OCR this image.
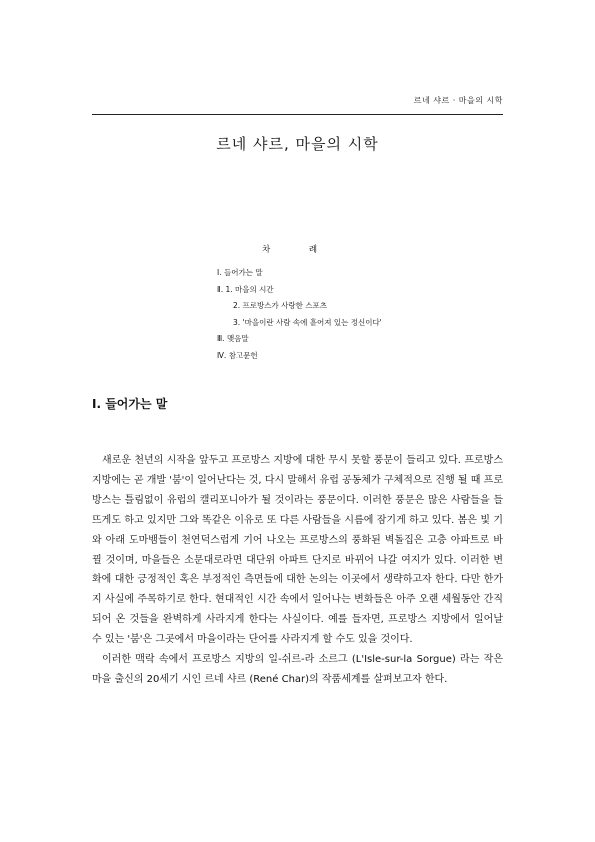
르네 샤르 · 마을의 시학
르네 샤르, 마을의 시학
차 례
Ⅰ. 들어가는 말
Ⅱ. 1. 마을의 시간
2. 프로방스가 사랑한 스포츠
3. '마을이란 사람 속에 흩어져 있는 정신이다'
Ⅲ. 맺음말
Ⅳ. 참고문헌
Ⅰ. 들어가는 말

새로운 천년의 시작을 앞두고 프로방스 지방에 대한 무시 못할 풍문이 들리고 있다. 프로방스 지방에는 곧 개발 '붐'이 일어난다는 것, 다시 말해서 유럽 공동체가 구체적으로 진행 될 때 프로방스는 틀림없이 유럽의 캘리포니아가 될 것이라는 풍문이다. 이러한 풍문은 많은 사람들을 들뜨게도 하고 있지만 그와 똑같은 이유로 또 다른 사람들을 시름에 잠기게 하고 있다. 봄은 빛 기와 아래 도마뱀들이 천연덕스럽게 기어 나오는 프로방스의 풍화된 벽돌집은 고층 아파트로 바뀔 것이며, 마을들은 소문대로라면 대단위 아파트 단지로 바뀌어 나갈 여지가 있다. 이러한 변화에 대한 긍정적인 혹은 부정적인 측면들에 대한 논의는 이곳에서 생략하고자 한다. 다만 한가지 사실에 주목하기로 한다. 현대적인 시간 속에서 일어나는 변화들은 아주 오랜 세월동안 간직되어 온 것들을 완벽하게 사라지게 한다는 사실이다. 예를 들자면, 프로방스 지방에서 일어날 수 있는 '붐'은 그곳에서 마을이라는 단어를 사라지게 할 수도 있을 것이다.

이러한 맥락 속에서 프로방스 지방의 일-쉬르-라 소르그 (L'Isle-sur-la Sorgue) 라는 작은 마을 출신의 20세기 시인 르네 샤르 (René Char)의 작품세계를 살펴보고자 한다.
